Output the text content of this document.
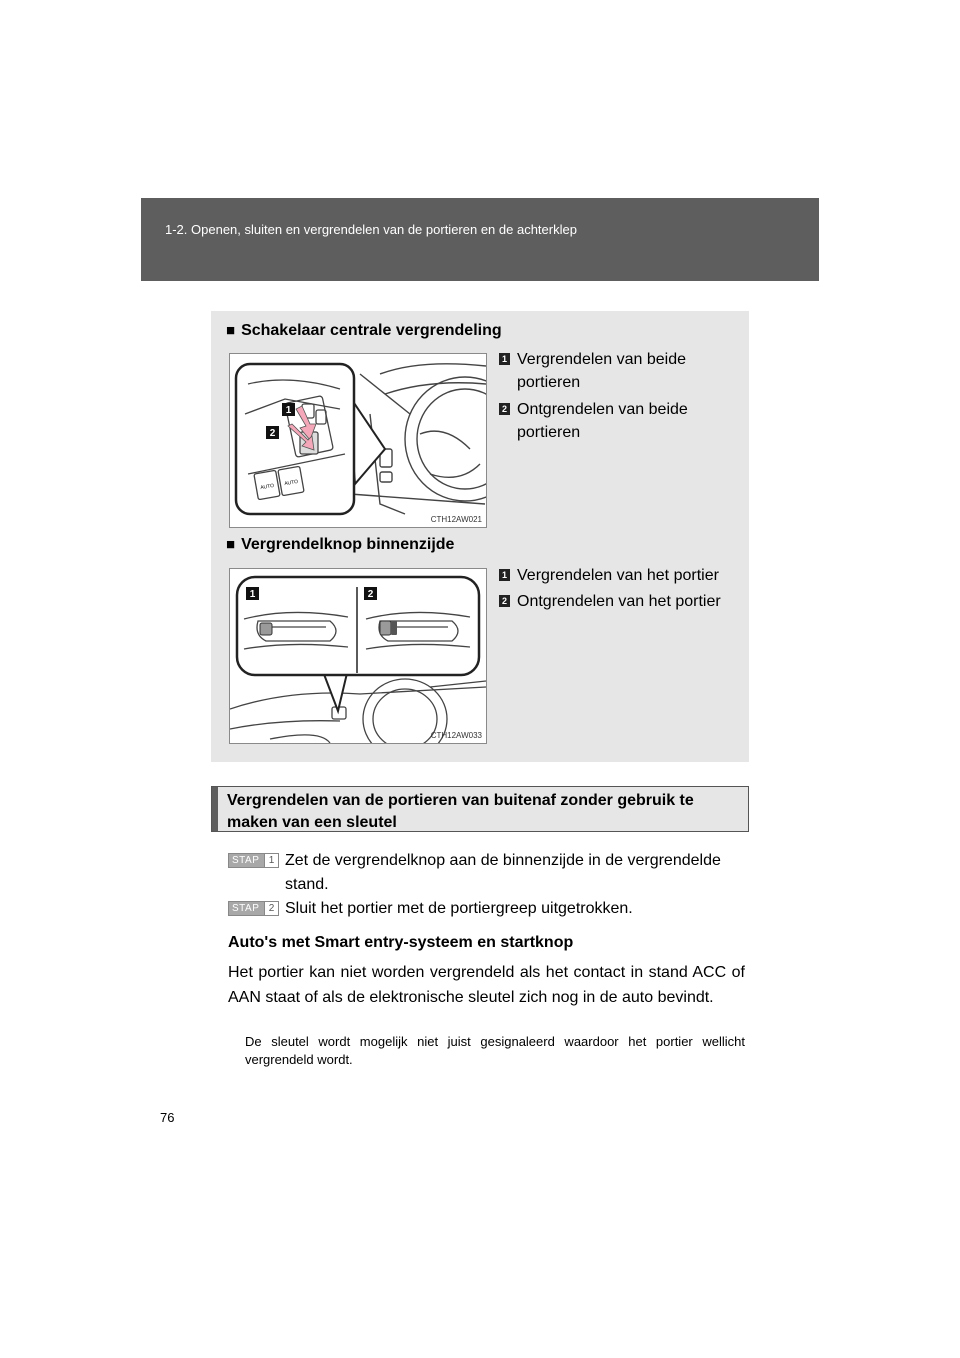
1-2. Openen, sluiten en vergrendelen van de portieren en de achterklep
■ Schakelaar centrale vergrendeling
AUTO AUTO
1
2
CTH12AW021
1 Vergrendelen van beide portieren
2 Ontgrendelen van beide portieren
■ Vergrendelknop binnenzijde
1	2
CTH12AW033
1 Vergrendelen van het portier
2 Ontgrendelen van het portier
Vergrendelen van de portieren van buitenaf zonder gebruik te maken van een sleutel
STAP 1 Zet de vergrendelknop aan de binnenzijde in de vergrendelde stand.
STAP 2 Sluit het portier met de portiergreep uitgetrokken.
Auto's met Smart entry-systeem en startknop
Het portier kan niet worden vergrendeld als het contact in stand ACC of AAN staat of als de elektronische sleutel zich nog in de auto bevindt.
De sleutel wordt mogelijk niet juist gesignaleerd waardoor het portier wellicht vergrendeld wordt.
76
